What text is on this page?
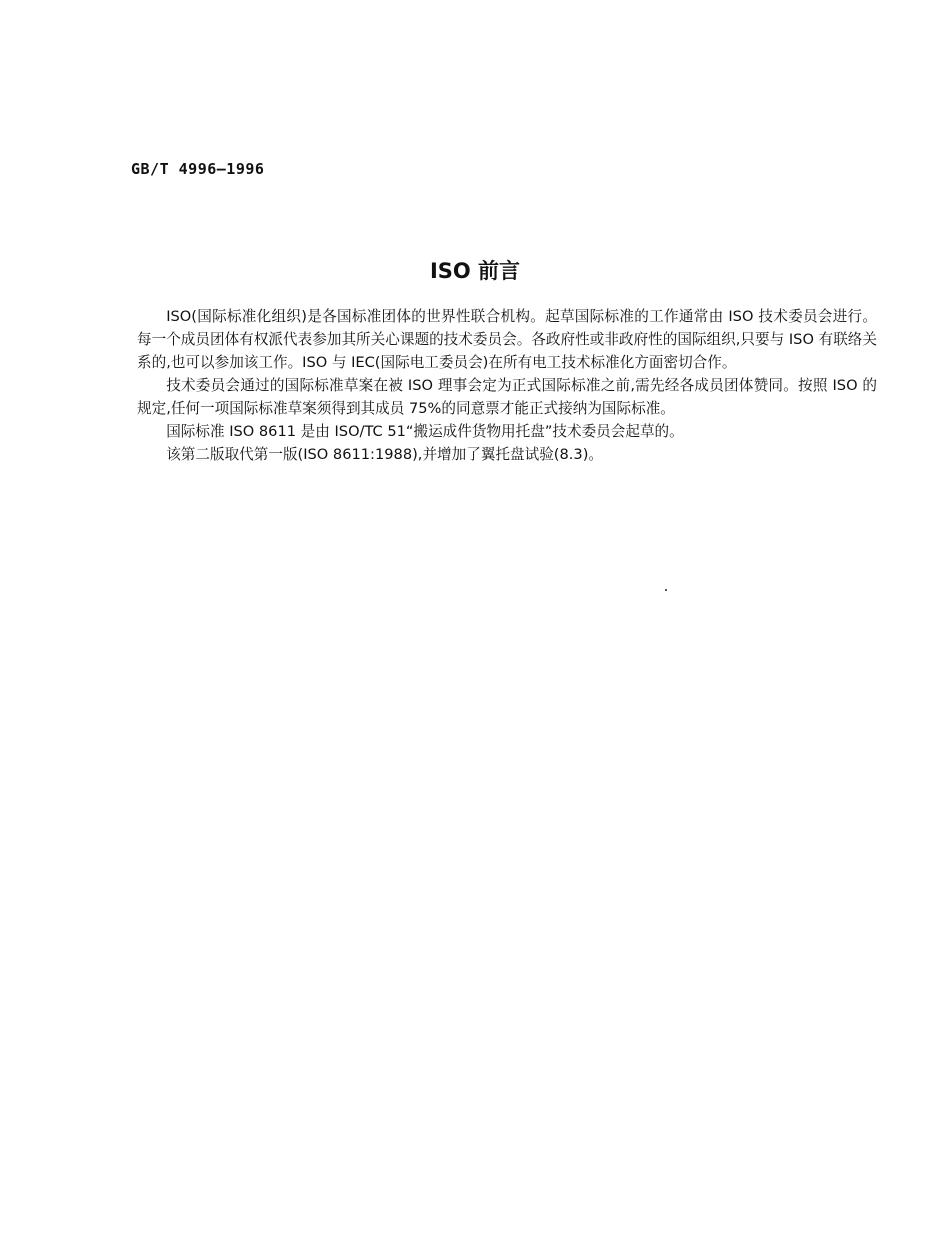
GB/T 4996—1996
ISO 前言

ISO(国际标准化组织)是各国标准团体的世界性联合机构。起草国际标准的工作通常由 ISO 技术委员会进行。每一个成员团体有权派代表参加其所关心课题的技术委员会。各政府性或非政府性的国际组织,只要与 ISO 有联络关系的,也可以参加该工作。ISO 与 IEC(国际电工委员会)在所有电工技术标准化方面密切合作。

技术委员会通过的国际标准草案在被 ISO 理事会定为正式国际标准之前,需先经各成员团体赞同。按照 ISO 的规定,任何一项国际标准草案须得到其成员 75%的同意票才能正式接纳为国际标准。

国际标准 ISO 8611 是由 ISO/TC 51“搬运成件货物用托盘”技术委员会起草的。

该第二版取代第一版(ISO 8611:1988),并增加了翼托盘试验(8.3)。
